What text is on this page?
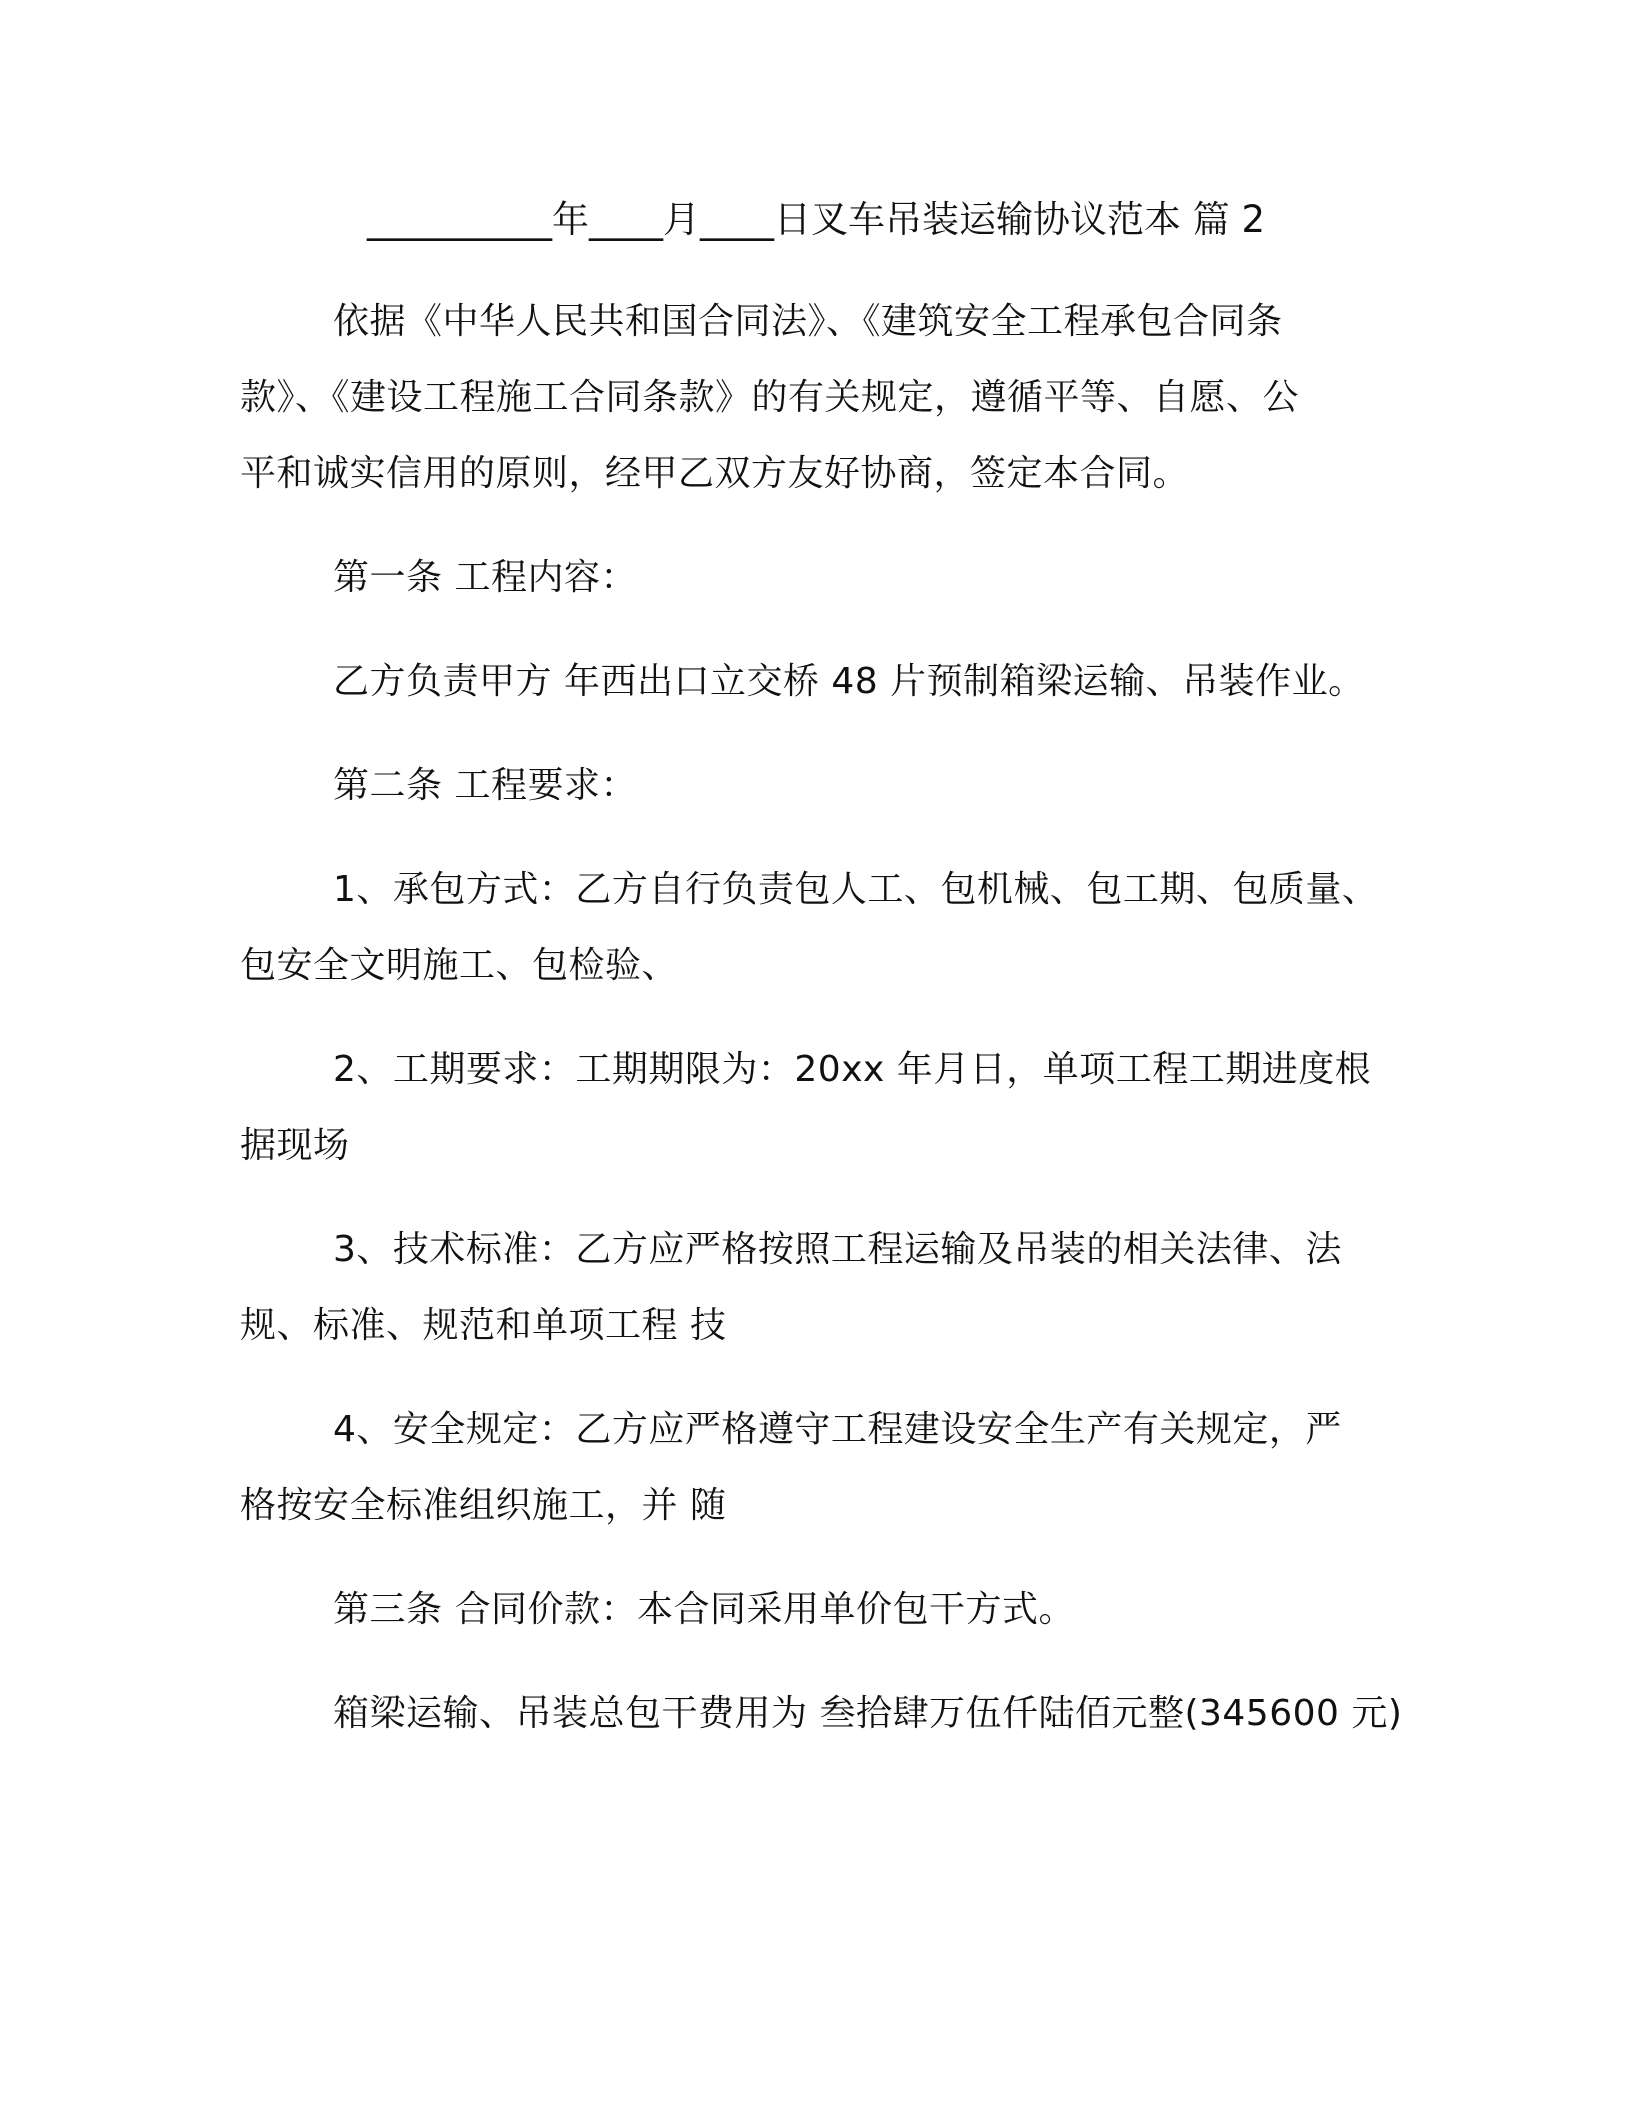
__________年____月____日叉车吊装运输协议范本 篇 2
依据《中华人民共和国合同法》、《建筑安全工程承包合同条
款》、《建设工程施工合同条款》的有关规定，遵循平等、自愿、公
平和诚实信用的原则，经甲乙双方友好协商，签定本合同。
第一条 工程内容：
乙方负责甲方 年西出口立交桥 48 片预制箱梁运输、吊装作业。
第二条 工程要求：
1、承包方式：乙方自行负责包人工、包机械、包工期、包质量、
包安全文明施工、包检验、
2、工期要求：工期期限为：20xx 年月日，单项工程工期进度根
据现场
3、技术标准：乙方应严格按照工程运输及吊装的相关法律、法
规、标准、规范和单项工程 技
4、安全规定：乙方应严格遵守工程建设安全生产有关规定，严
格按安全标准组织施工，并 随
第三条 合同价款：本合同采用单价包干方式。
箱梁运输、吊装总包干费用为 叁拾肆万伍仟陆佰元整(345600 元)
